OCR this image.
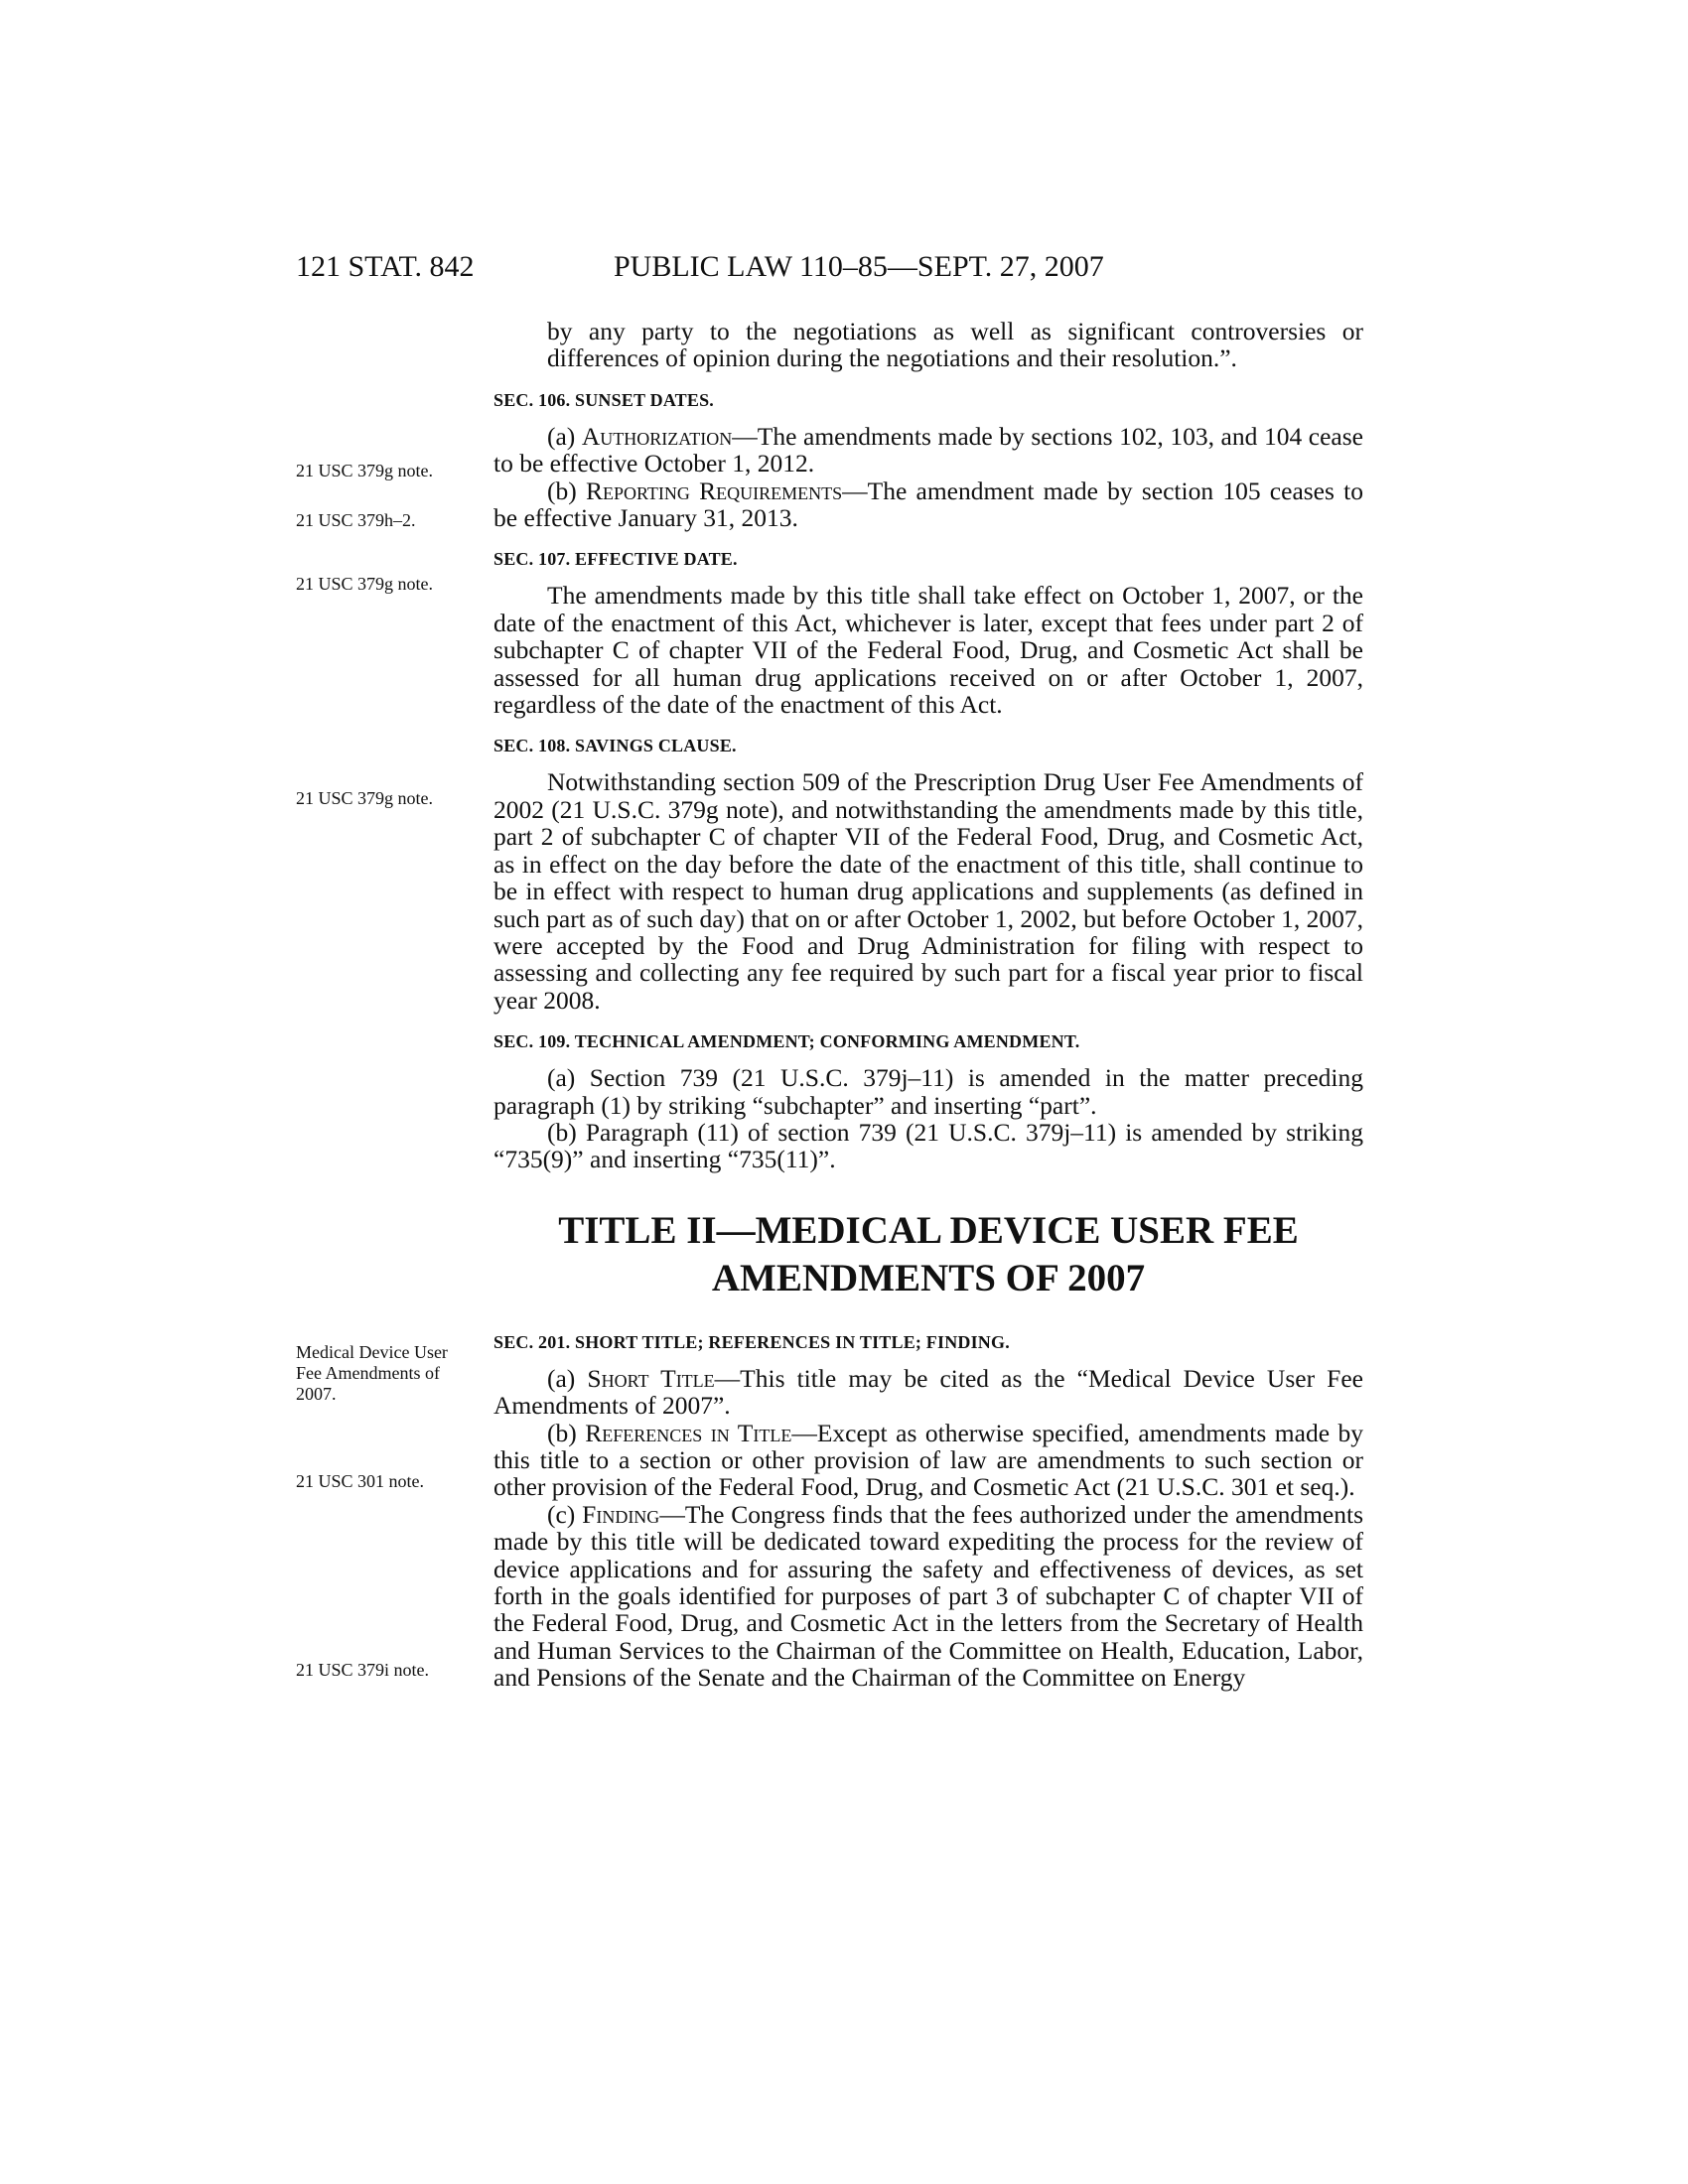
121 STAT. 842	PUBLIC LAW 110–85—SEPT. 27, 2007
21 USC 379g note.
21 USC 379h–2.
21 USC 379g note.
21 USC 379g note.
Medical Device User Fee Amendments of 2007.
21 USC 301 note.
21 USC 379i note.

by any party to the negotiations as well as significant controversies or differences of opinion during the negotiations and their resolution.”.

SEC. 106. SUNSET DATES.

(a) Authorization—The amendments made by sections 102, 103, and 104 cease to be effective October 1, 2012.

(b) Reporting Requirements—The amendment made by section 105 ceases to be effective January 31, 2013.

SEC. 107. EFFECTIVE DATE.

The amendments made by this title shall take effect on October 1, 2007, or the date of the enactment of this Act, whichever is later, except that fees under part 2 of subchapter C of chapter VII of the Federal Food, Drug, and Cosmetic Act shall be assessed for all human drug applications received on or after October 1, 2007, regardless of the date of the enactment of this Act.

SEC. 108. SAVINGS CLAUSE.

Notwithstanding section 509 of the Prescription Drug User Fee Amendments of 2002 (21 U.S.C. 379g note), and notwithstanding the amendments made by this title, part 2 of subchapter C of chapter VII of the Federal Food, Drug, and Cosmetic Act, as in effect on the day before the date of the enactment of this title, shall continue to be in effect with respect to human drug applications and supplements (as defined in such part as of such day) that on or after October 1, 2002, but before October 1, 2007, were accepted by the Food and Drug Administration for filing with respect to assessing and collecting any fee required by such part for a fiscal year prior to fiscal year 2008.

SEC. 109. TECHNICAL AMENDMENT; CONFORMING AMENDMENT.

(a) Section 739 (21 U.S.C. 379j–11) is amended in the matter preceding paragraph (1) by striking “subchapter” and inserting “part”.

(b) Paragraph (11) of section 739 (21 U.S.C. 379j–11) is amended by striking “735(9)” and inserting “735(11)”.

TITLE II—MEDICAL DEVICE USER FEE
AMENDMENTS OF 2007
SEC. 201. SHORT TITLE; REFERENCES IN TITLE; FINDING.

(a) Short Title—This title may be cited as the “Medical Device User Fee Amendments of 2007”.

(b) References in Title—Except as otherwise specified, amendments made by this title to a section or other provision of law are amendments to such section or other provision of the Federal Food, Drug, and Cosmetic Act (21 U.S.C. 301 et seq.).

(c) Finding—The Congress finds that the fees authorized under the amendments made by this title will be dedicated toward expediting the process for the review of device applications and for assuring the safety and effectiveness of devices, as set forth in the goals identified for purposes of part 3 of subchapter C of chapter VII of the Federal Food, Drug, and Cosmetic Act in the letters from the Secretary of Health and Human Services to the Chairman of the Committee on Health, Education, Labor, and Pensions of the Senate and the Chairman of the Committee on Energy
